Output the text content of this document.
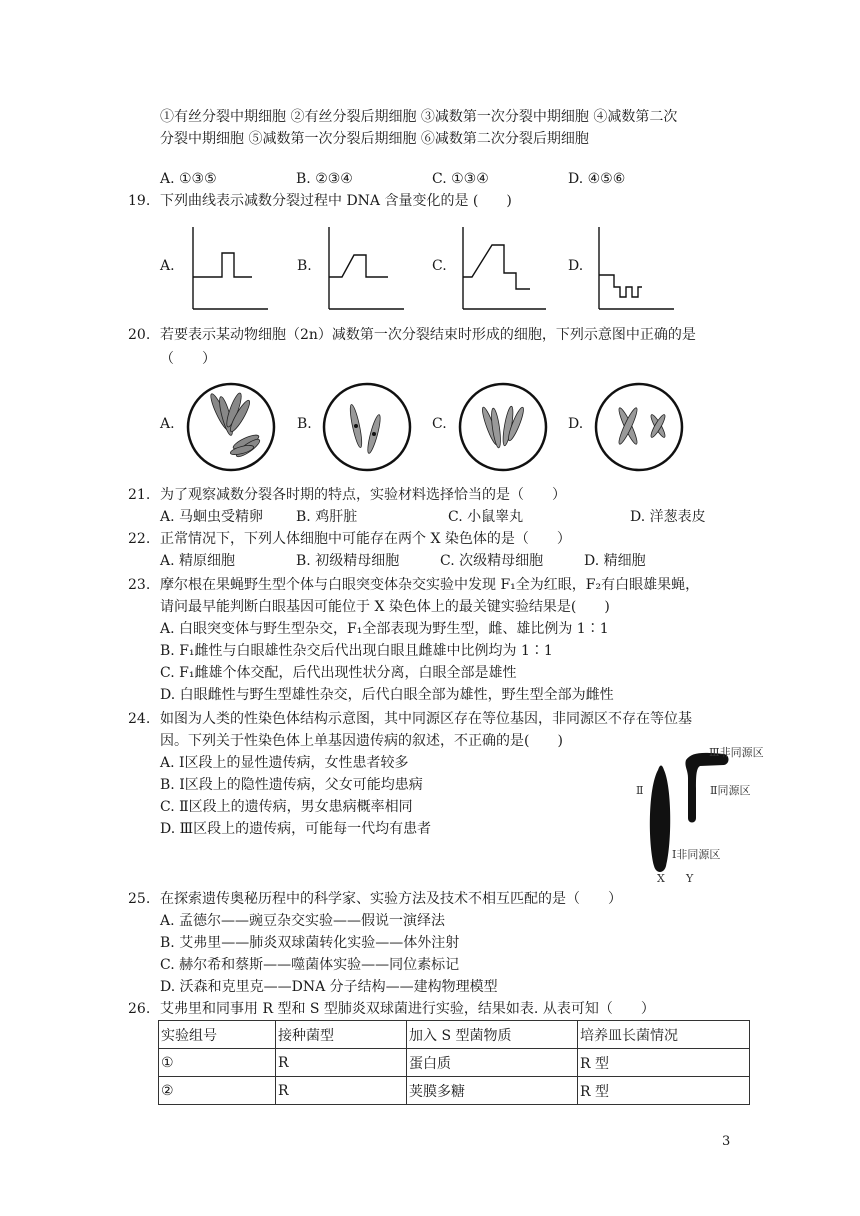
①有丝分裂中期细胞 ②有丝分裂后期细胞 ③减数第一次分裂中期细胞 ④减数第二次
分裂中期细胞 ⑤减数第一次分裂后期细胞 ⑥减数第二次分裂后期细胞
A. ①③⑤	B. ②③④	C. ①③④	D. ④⑤⑥
19. 下列曲线表示减数分裂过程中 DNA 含量变化的是 (　　)
A.	B.	C.	D.
20. 若要表示某动物细胞（2n）减数第一次分裂结束时形成的细胞，下列示意图中正确的是
（　　）
A.	B.	C.	D.
21. 为了观察减数分裂各时期的特点，实验材料选择恰当的是（　　）
A. 马蛔虫受精卵 B. 鸡肝脏	C. 小鼠睾丸	D. 洋葱表皮
22. 正常情况下，下列人体细胞中可能存在两个 X 染色体的是（　　）
A. 精原细胞	B. 初级精母细胞	C. 次级精母细胞	D. 精细胞
23. 摩尔根在果蝇野生型个体与白眼突变体杂交实验中发现 F₁全为红眼，F₂有白眼雄果蝇，
请问最早能判断白眼基因可能位于 X 染色体上的最关键实验结果是(　　)
A. 白眼突变体与野生型杂交，F₁全部表现为野生型，雌、雄比例为 1∶1
B. F₁雌性与白眼雄性杂交后代出现白眼且雌雄中比例均为 1∶1
C. F₁雌雄个体交配，后代出现性状分离，白眼全部是雄性
D. 白眼雌性与野生型雄性杂交，后代白眼全部为雄性，野生型全部为雌性
24. 如图为人类的性染色体结构示意图，其中同源区存在等位基因，非同源区不存在等位基
因。下列关于性染色体上单基因遗传病的叙述，不正确的是(　　)
A. Ⅰ区段上的显性遗传病，女性患者较多
B. Ⅰ区段上的隐性遗传病，父女可能均患病
C. Ⅱ区段上的遗传病，男女患病概率相同
D. Ⅲ区段上的遗传病，可能每一代均有患者
Ⅲ非同源区
Ⅱ同源区
Ⅱ
Ⅰ非同源区
X Y
25. 在探索遗传奥秘历程中的科学家、实验方法及技术不相互匹配的是（　　）
A. 孟德尔——豌豆杂交实验——假说一演绎法
B. 艾弗里——肺炎双球菌转化实验——体外注射
C. 赫尔希和蔡斯——噬菌体实验——同位素标记
D. 沃森和克里克——DNA 分子结构——建构物理模型
26. 艾弗里和同事用 R 型和 S 型肺炎双球菌进行实验，结果如表. 从表可知（　　）
实验组号	接种菌型	加入 S 型菌物质	培养皿长菌情况
①	R	蛋白质	R 型
②	R	荚膜多糖	R 型
3
